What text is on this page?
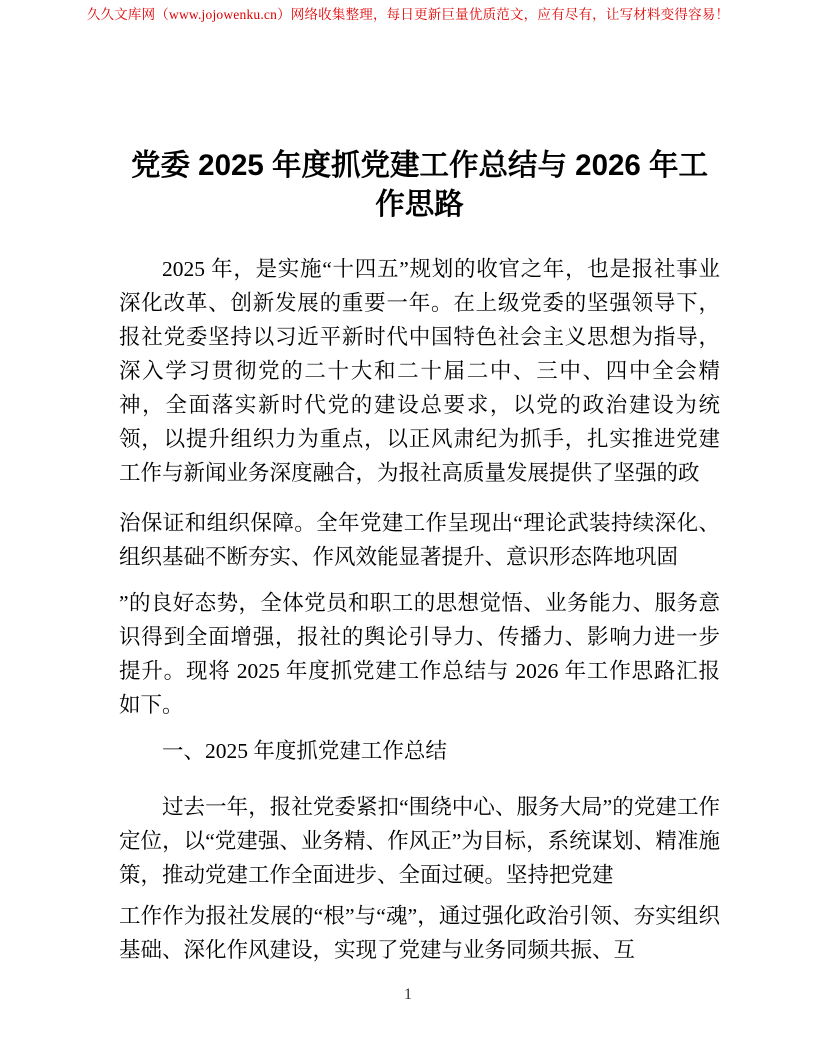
久久文库网（www.jojowenku.cn）网络收集整理，每日更新巨量优质范文，应有尽有，让写材料变得容易！
党委 2025 年度抓党建工作总结与 2026 年工作思路

2025 年，是实施“十四五”规划的收官之年，也是报社事业深化改革、创新发展的重要一年。在上级党委的坚强领导下，报社党委坚持以习近平新时代中国特色社会主义思想为指导，深入学习贯彻党的二十大和二十届二中、三中、四中全会精神，全面落实新时代党的建设总要求，以党的政治建设为统领，以提升组织力为重点，以正风肃纪为抓手，扎实推进党建工作与新闻业务深度融合，为报社高质量发展提供了坚强的政

治保证和组织保障。全年党建工作呈现出“理论武装持续深化、组织基础不断夯实、作风效能显著提升、意识形态阵地巩固

”的良好态势，全体党员和职工的思想觉悟、业务能力、服务意识得到全面增强，报社的舆论引导力、传播力、影响力进一步提升。现将 2025 年度抓党建工作总结与 2026 年工作思路汇报如下。

一、2025 年度抓党建工作总结

过去一年，报社党委紧扣“围绕中心、服务大局”的党建工作定位，以“党建强、业务精、作风正”为目标，系统谋划、精准施策，推动党建工作全面进步、全面过硬。坚持把党建

工作作为报社发展的“根”与“魂”，通过强化政治引领、夯实组织基础、深化作风建设，实现了党建与业务同频共振、互

1
